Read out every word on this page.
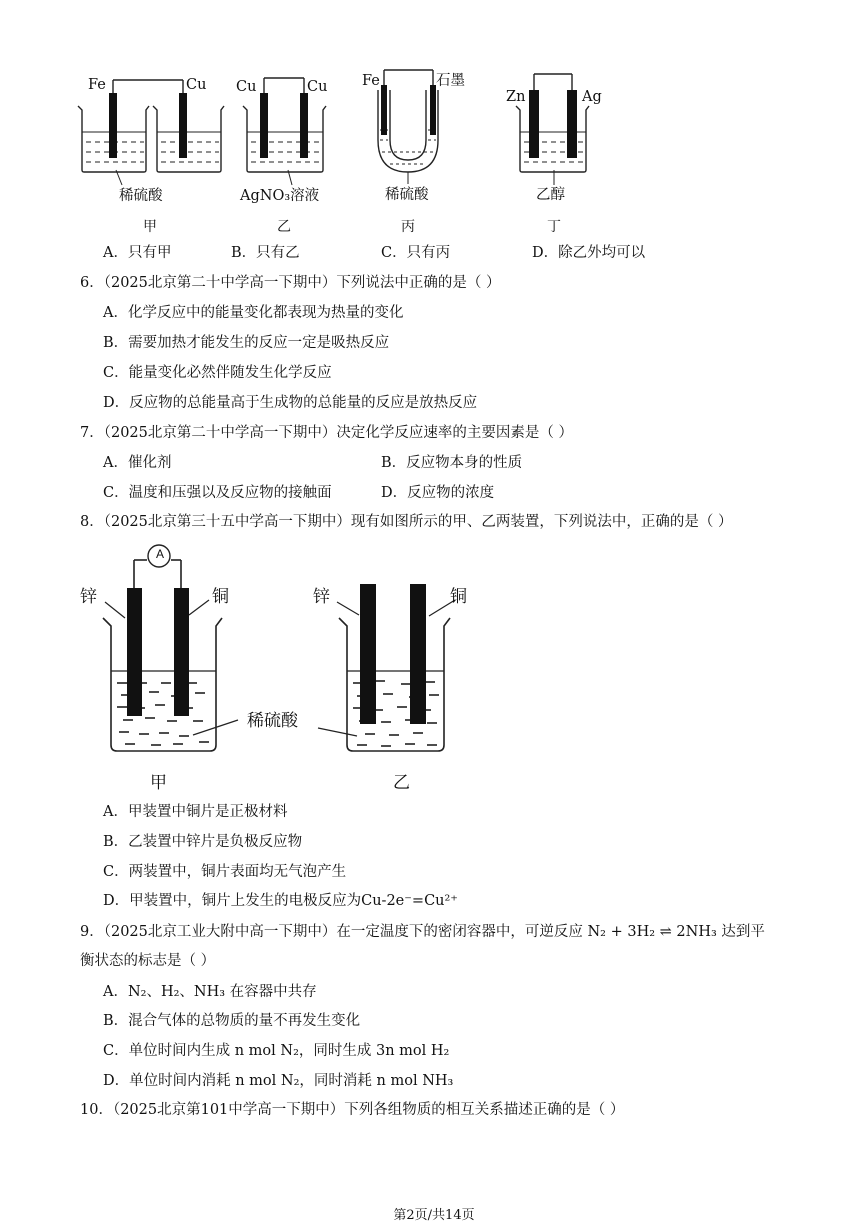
Fe	Cu
稀硫酸
甲
Cu	Cu
AgNO₃溶液
乙
Fe	石墨
稀硫酸
丙
Zn	Ag
乙醇
丁
A．只有甲	B．只有乙	C．只有丙	D．除乙外均可以
6．（2025北京第二十中学高一下期中）下列说法中正确的是（ ）
A．化学反应中的能量变化都表现为热量的变化
B．需要加热才能发生的反应一定是吸热反应
C．能量变化必然伴随发生化学反应
D．反应物的总能量高于生成物的总能量的反应是放热反应
7．（2025北京第二十中学高一下期中）决定化学反应速率的主要因素是（ ）
A．催化剂	B．反应物本身的性质
C．温度和压强以及反应物的接触面	D．反应物的浓度
8．（2025北京第三十五中学高一下期中）现有如图所示的甲、乙两装置，下列说法中，正确的是（ ）
A
锌	铜
稀硫酸
锌	铜
甲	乙
A．甲装置中铜片是正极材料
B．乙装置中锌片是负极反应物
C．两装置中，铜片表面均无气泡产生
D．甲装置中，铜片上发生的电极反应为Cu-2e⁻=Cu²⁺
9．（2025北京工业大附中高一下期中）在一定温度下的密闭容器中，可逆反应 N₂ + 3H₂ ⇌ 2NH₃ 达到平
衡状态的标志是（ ）
A．N₂、H₂、NH₃ 在容器中共存
B．混合气体的总物质的量不再发生变化
C．单位时间内生成 n mol N₂，同时生成 3n mol H₂
D．单位时间内消耗 n mol N₂，同时消耗 n mol NH₃
10．（2025北京第101中学高一下期中）下列各组物质的相互关系描述正确的是（ ）
第2页/共14页
